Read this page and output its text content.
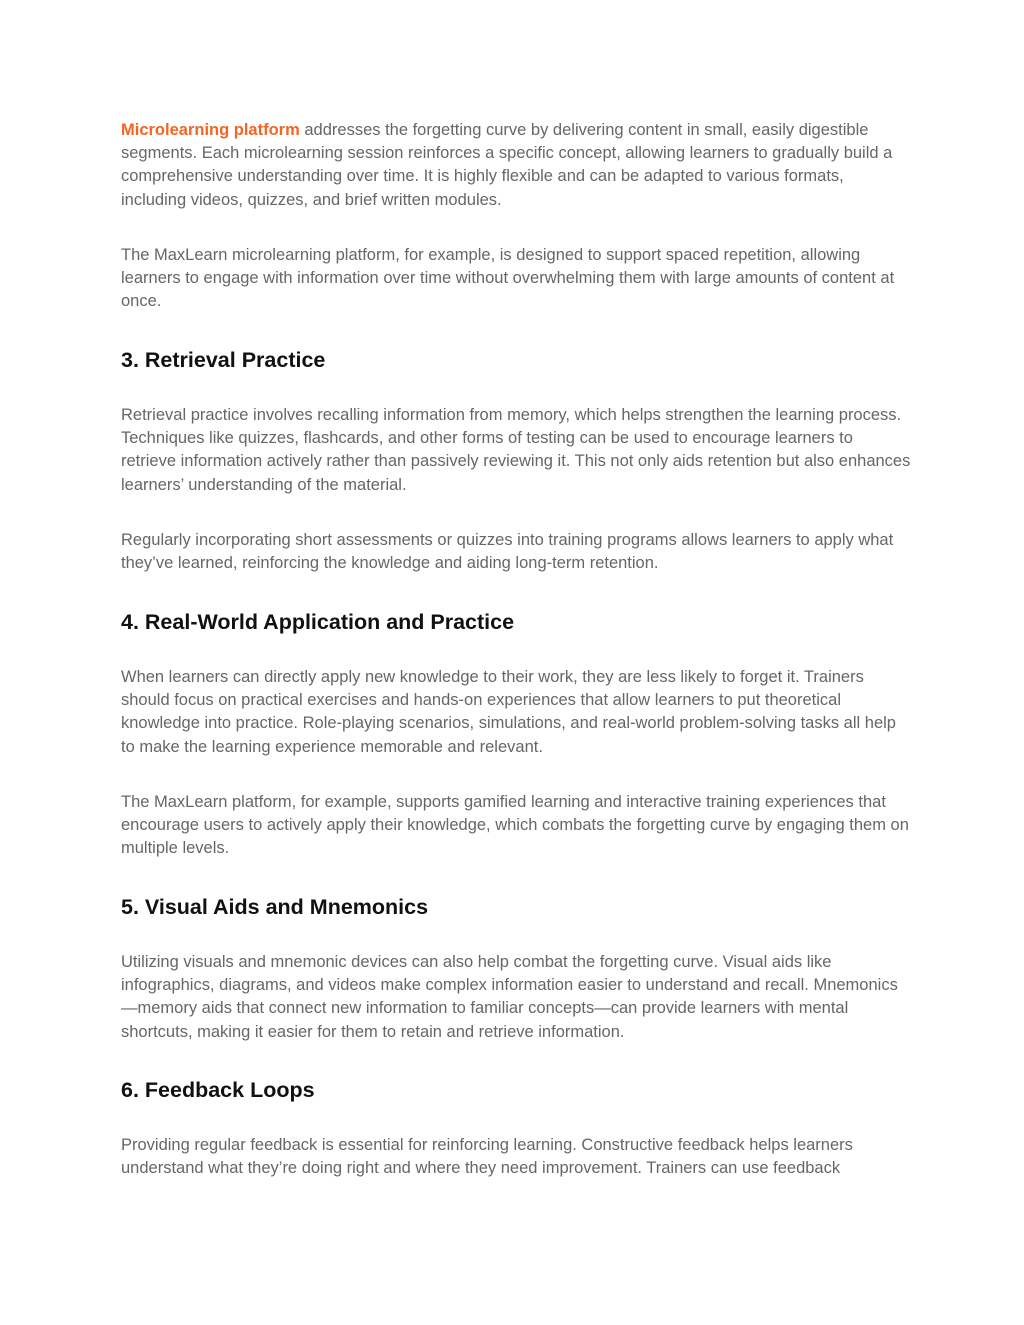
Microlearning platform addresses the forgetting curve by delivering content in small, easily digestible segments. Each microlearning session reinforces a specific concept, allowing learners to gradually build a comprehensive understanding over time. It is highly flexible and can be adapted to various formats, including videos, quizzes, and brief written modules.

The MaxLearn microlearning platform, for example, is designed to support spaced repetition, allowing learners to engage with information over time without overwhelming them with large amounts of content at once.

3. Retrieval Practice

Retrieval practice involves recalling information from memory, which helps strengthen the learning process. Techniques like quizzes, flashcards, and other forms of testing can be used to encourage learners to retrieve information actively rather than passively reviewing it. This not only aids retention but also enhances learners’ understanding of the material.

Regularly incorporating short assessments or quizzes into training programs allows learners to apply what they’ve learned, reinforcing the knowledge and aiding long-term retention.

4. Real-World Application and Practice

When learners can directly apply new knowledge to their work, they are less likely to forget it. Trainers should focus on practical exercises and hands-on experiences that allow learners to put theoretical knowledge into practice. Role-playing scenarios, simulations, and real-world problem-solving tasks all help to make the learning experience memorable and relevant.

The MaxLearn platform, for example, supports gamified learning and interactive training experiences that encourage users to actively apply their knowledge, which combats the forgetting curve by engaging them on multiple levels.

5. Visual Aids and Mnemonics

Utilizing visuals and mnemonic devices can also help combat the forgetting curve. Visual aids like infographics, diagrams, and videos make complex information easier to understand and recall. Mnemonics—memory aids that connect new information to familiar concepts—can provide learners with mental shortcuts, making it easier for them to retain and retrieve information.

6. Feedback Loops

Providing regular feedback is essential for reinforcing learning. Constructive feedback helps learners understand what they’re doing right and where they need improvement. Trainers can use feedback
